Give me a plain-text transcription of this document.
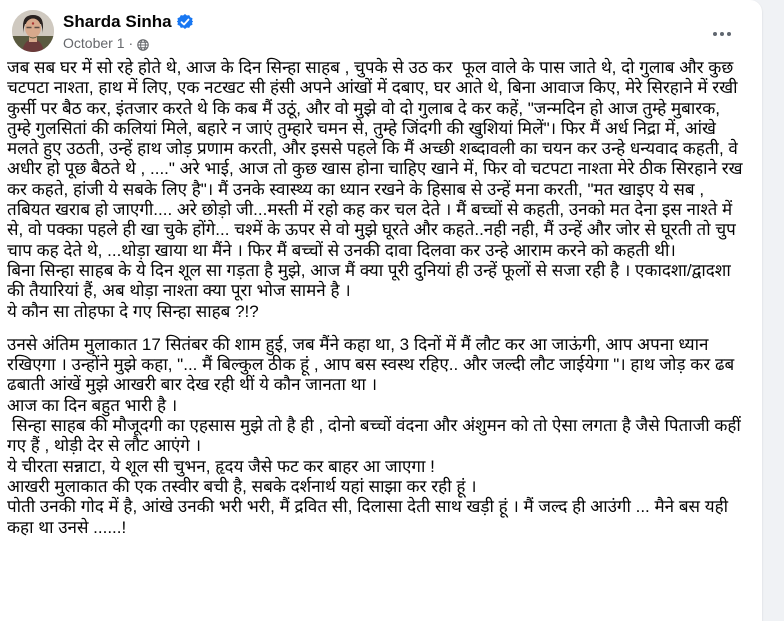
Sharda Sinha
October 1 ·

जब सब घर में सो रहे होते थे, आज के दिन सिन्हा साहब , चुपके से उठ कर  फूल वाले के पास जाते थे, दो गुलाब और कुछ चटपटा नाश्ता, हाथ में लिए, एक नटखट सी हंसी अपने आंखों में दबाए, घर आते थे, बिना आवाज किए, मेरे सिरहाने में रखी कुर्सी पर बैठ कर, इंतजार करते थे कि कब मैं उठूं, और वो मुझे वो दो गुलाब दे कर कहें, "जन्मदिन हो आज तुम्हे मुबारक, तुम्हे गुलसितां की कलियां मिले, बहारे न जाएं तुम्हारे चमन से, तुम्हे जिंदगी की खुशियां मिलें"। फिर मैं अर्ध निद्रा में, आंखे मलते हुए उठती, उन्हें हाथ जोड़ प्रणाम करती, और इससे पहले कि मैं अच्छी शब्दावली का चयन कर उन्हे धन्यवाद कहती, वे अधीर हो पूछ बैठते थे , ...." अरे भाई, आज तो कुछ खास होना चाहिए खाने में, फिर वो चटपटा नाश्ता मेरे ठीक सिरहाने रख कर कहते, हांजी ये सबके लिए है"। मैं उनके स्वास्थ्य का ध्यान रखने के हिसाब से उन्हें मना करती, "मत खाइए ये सब , तबियत खराब हो जाएगी.... अरे छोड़ो जी...मस्ती में रहो कह कर चल देते । मैं बच्चों से कहती, उनको मत देना इस नाश्ते में से, वो पक्का पहले ही खा चुके होंगे... चश्में के ऊपर से वो मुझे घूरते और कहते..नही नही, मैं उन्हें और जोर से घूरती तो चुप चाप कह देते थे, ...थोड़ा खाया था मैंने । फिर मैं बच्चों से उनकी दावा दिलवा कर उन्हे आराम करने को कहती थी।

बिना सिन्हा साहब के ये दिन शूल सा गड़ता है मुझे, आज मैं क्या पूरी दुनियां ही उन्हें फूलों से सजा रही है । एकादशा/द्वादशा की तैयारियां हैं, अब थोड़ा नाश्ता क्या पूरा भोज सामने है ।

ये कौन सा तोहफा दे गए सिन्हा साहब ?!?

उनसे अंतिम मुलाकात 17 सितंबर की शाम हुई, जब मैंने कहा था, 3 दिनों में मैं लौट कर आ जाऊंगी, आप अपना ध्यान रखिएगा । उन्होंने मुझे कहा, "... मैं बिल्कुल ठीक हूं , आप बस स्वस्थ रहिए.. और जल्दी लौट जाईयेगा "। हाथ जोड़ कर ढब ढबाती आंखें मुझे आखरी बार देख रही थीं ये कौन जानता था ।

आज का दिन बहुत भारी है ।

सिन्हा साहब की मौजूदगी का एहसास मुझे तो है ही , दोनो बच्चों वंदना और अंशुमन को तो ऐसा लगता है जैसे पिताजी कहीं गए हैं , थोड़ी देर से लौट आएंगे ।

ये चीरता सन्नाटा, ये शूल सी चुभन, हृदय जैसे फट कर बाहर आ जाएगा !

आखरी मुलाकात की एक तस्वीर बची है, सबके दर्शनार्थ यहां साझा कर रही हूं ।

पोती उनकी गोद में है, आंखे उनकी भरी भरी, मैं द्रवित सी, दिलासा देती साथ खड़ी हूं । मैं जल्द ही आउंगी ... मैने बस यही कहा था उनसे ......!
